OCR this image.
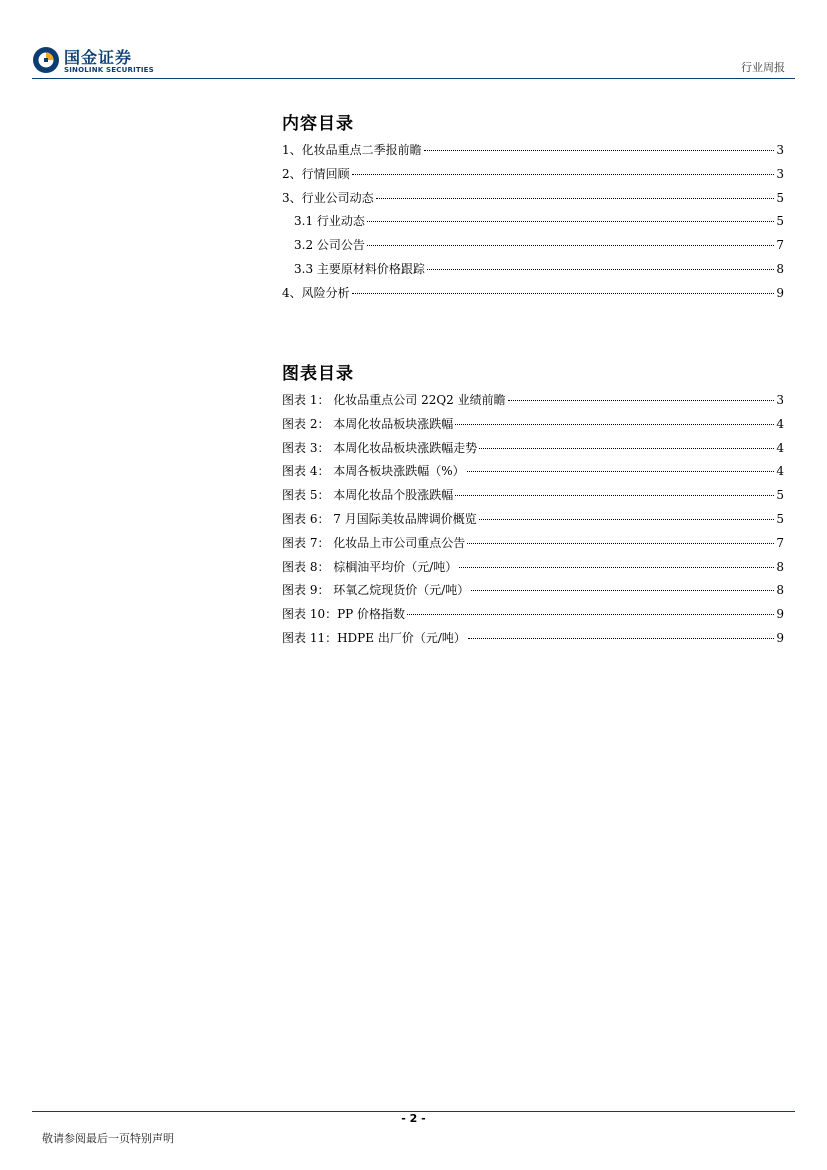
国金证券
SINOLINK SECURITIES	行业周报
内容目录
1、化妆品重点二季报前瞻	3
2、行情回顾	3
3、行业公司动态	5
3.1 行业动态	5
3.2 公司公告	7
3.3 主要原材料价格跟踪	8
4、风险分析	9
图表目录
图表 1： 化妆品重点公司 22Q2 业绩前瞻	3
图表 2： 本周化妆品板块涨跌幅	4
图表 3： 本周化妆品板块涨跌幅走势	4
图表 4： 本周各板块涨跌幅（%）	4
图表 5： 本周化妆品个股涨跌幅	5
图表 6： 7 月国际美妆品牌调价概览	5
图表 7： 化妆品上市公司重点公告	7
图表 8： 棕榈油平均价（元/吨）	8
图表 9： 环氧乙烷现货价（元/吨）	8
图表 10：PP 价格指数	9
图表 11：HDPE 出厂价（元/吨）	9
- 2 -
敬请参阅最后一页特别声明
